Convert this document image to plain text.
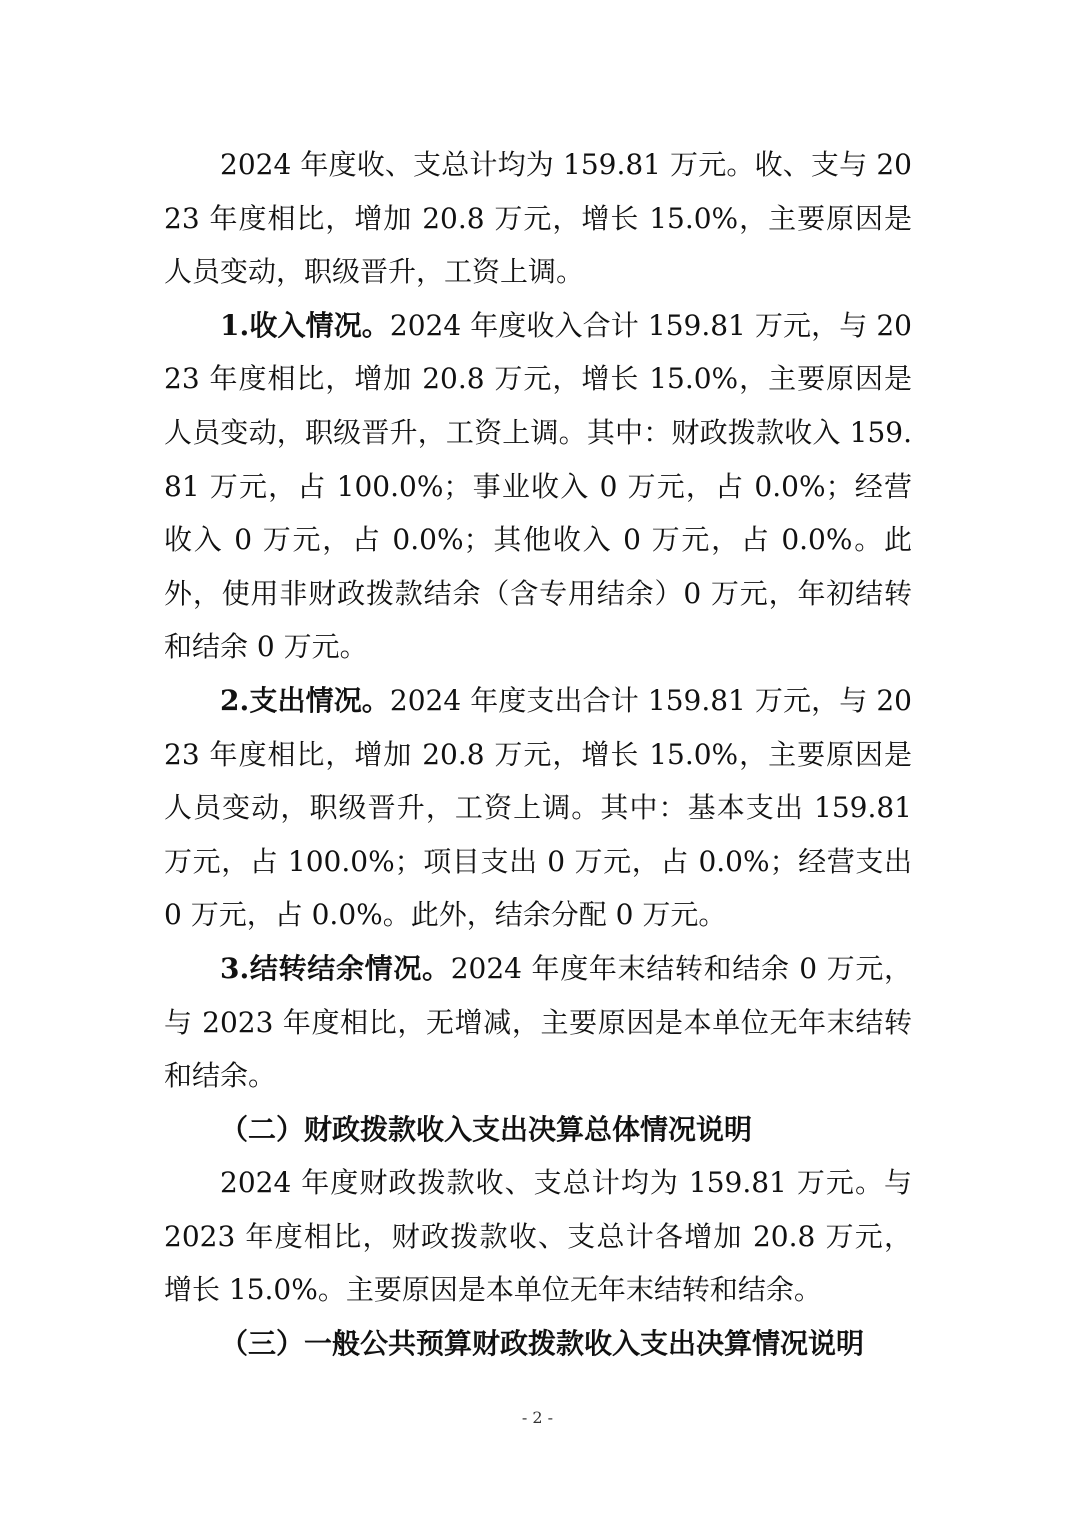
2024 年度收、支总计均为 159.81 万元。收、支与 2023 年度相比，增加 20.8 万元，增长 15.0%，主要原因是人员变动，职级晋升，工资上调。

1.收入情况。2024 年度收入合计 159.81 万元，与 2023 年度相比，增加 20.8 万元，增长 15.0%，主要原因是人员变动，职级晋升，工资上调。其中：财政拨款收入 159.81 万元，占 100.0%；事业收入 0 万元，占 0.0%；经营收入 0 万元，占 0.0%；其他收入 0 万元，占 0.0%。此外，使用非财政拨款结余（含专用结余）0 万元，年初结转和结余 0 万元。

2.支出情况。2024 年度支出合计 159.81 万元，与 2023 年度相比，增加 20.8 万元，增长 15.0%，主要原因是人员变动，职级晋升，工资上调。其中：基本支出 159.81 万元，占 100.0%；项目支出 0 万元，占 0.0%；经营支出 0 万元，占 0.0%。此外，结余分配 0 万元。

3.结转结余情况。2024 年度年末结转和结余 0 万元，与 2023 年度相比，无增减，主要原因是本单位无年末结转和结余。

（二）财政拨款收入支出决算总体情况说明

2024 年度财政拨款收、支总计均为 159.81 万元。与 2023 年度相比，财政拨款收、支总计各增加 20.8 万元，增长 15.0%。主要原因是本单位无年末结转和结余。

（三）一般公共预算财政拨款收入支出决算情况说明

- 2 -
